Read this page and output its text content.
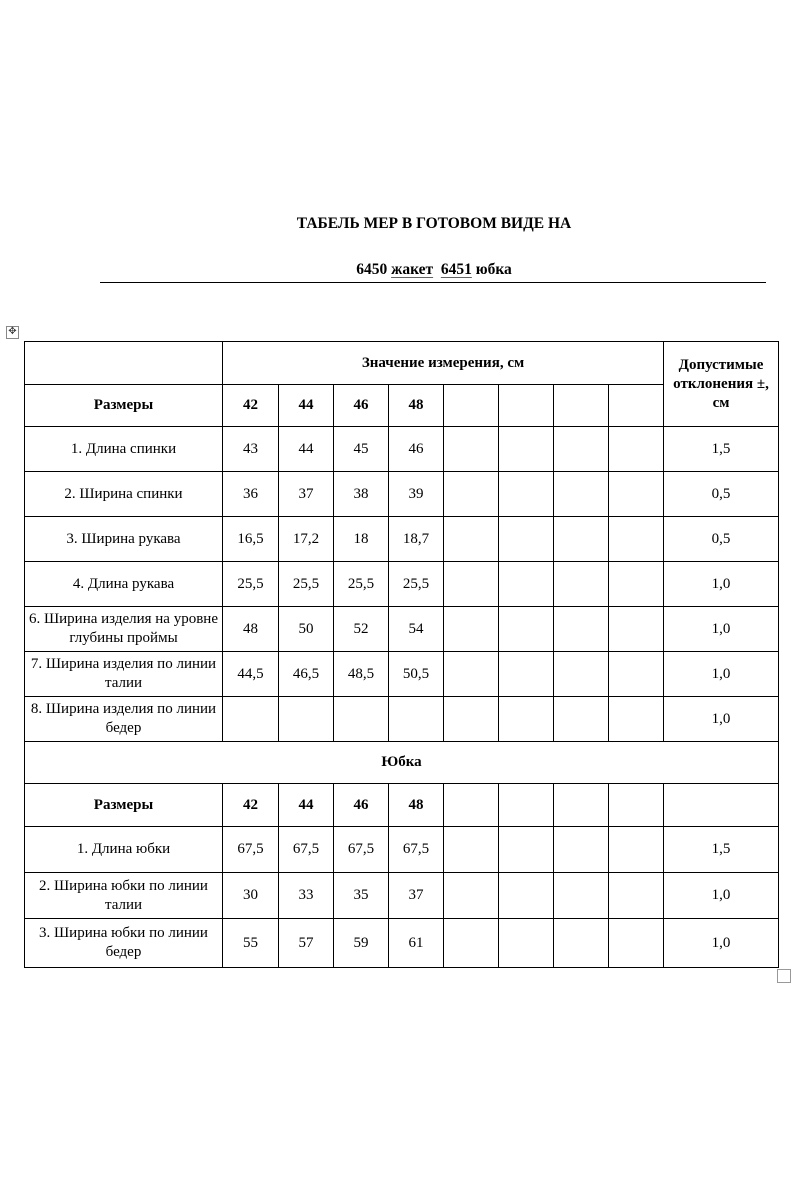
ТАБЕЛЬ МЕР В ГОТОВОМ ВИДЕ НА
6450 жакет 6451 юбка
✥
	Значение измерения, см								Допустимые отклонения ±, см
Размеры	42	44	46	48					
1. Длина спинки	43	44	45	46					1,5
2. Ширина спинки	36	37	38	39					0,5
3. Ширина рукава	16,5	17,2	18	18,7					0,5
4. Длина рукава	25,5	25,5	25,5	25,5					1,0
6. Ширина изделия на уровне глубины проймы	48	50	52	54					1,0
7. Ширина изделия по линии талии	44,5	46,5	48,5	50,5					1,0
8. Ширина изделия по линии бедер									1,0
Юбка									
Размеры	42	44	46	48					
1. Длина юбки	67,5	67,5	67,5	67,5					1,5
2. Ширина юбки по линии талии	30	33	35	37					1,0
3. Ширина юбки по линии бедер	55	57	59	61					1,0
